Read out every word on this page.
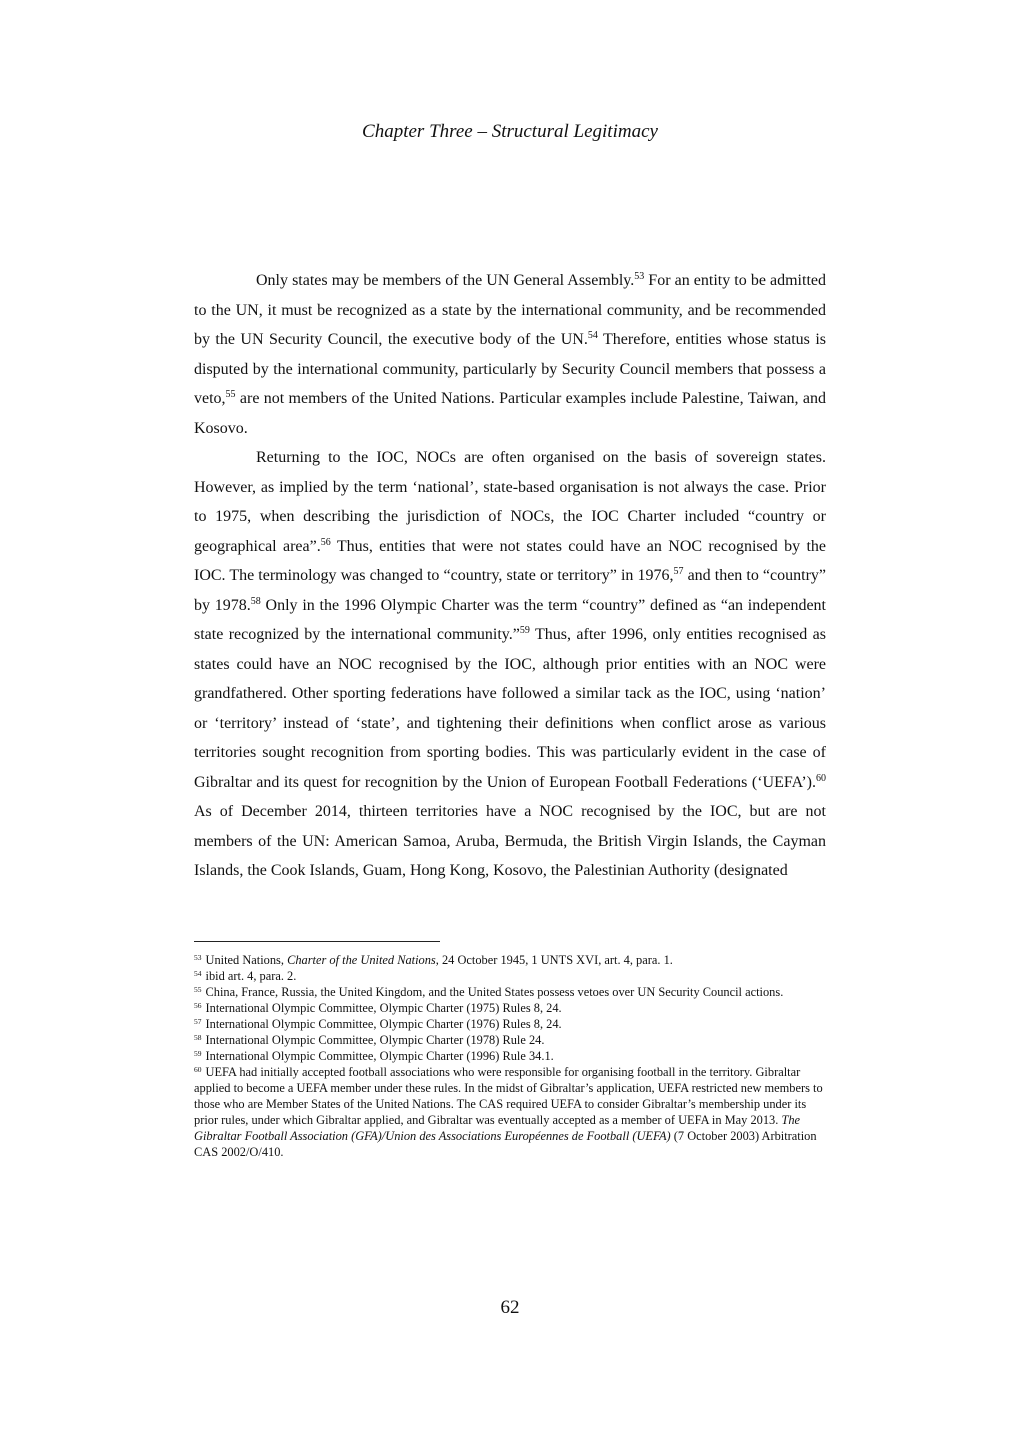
Chapter Three – Structural Legitimacy

Only states may be members of the UN General Assembly.$^{53}$ For an entity to be admitted to the UN, it must be recognized as a state by the international community, and be recommended by the UN Security Council, the executive body of the UN.$^{54}$ Therefore, entities whose status is disputed by the international community, particularly by Security Council members that possess a veto,$^{55}$ are not members of the United Nations. Particular examples include Palestine, Taiwan, and Kosovo.

Returning to the IOC, NOCs are often organised on the basis of sovereign states. However, as implied by the term ‘national’, state-based organisation is not always the case. Prior to 1975, when describing the jurisdiction of NOCs, the IOC Charter included “country or geographical area”.$^{56}$ Thus, entities that were not states could have an NOC recognised by the IOC. The terminology was changed to “country, state or territory” in 1976,57 and then to “country” by 1978.58 Only in the 1996 Olympic Charter was the term “country” defined as “an independent state recognized by the international community.”$^{59}$ Thus, after 1996, only entities recognised as states could have an NOC recognised by the IOC, although prior entities with an NOC were grandfathered. Other sporting federations have followed a similar tack as the IOC, using ‘nation’ or ‘territory’ instead of ‘state’, and tightening their definitions when conflict arose as various territories sought recognition from sporting bodies. This was particularly evident in the case of Gibraltar and its quest for recognition by the Union of European Football Federations (‘UEFA’).$^{60}$ As of December 2014, thirteen territories have a NOC recognised by the IOC, but are not members of the UN: American Samoa, Aruba, Bermuda, the British Virgin Islands, the Cayman Islands, the Cook Islands, Guam, Hong Kong, Kosovo, the Palestinian Authority (designated

$^{53}$ United Nations, Charter of the United Nations, 24 October 1945, 1 UNTS XVI, art. 4, para. 1.

$^{54}$ ibid art. 4, para. 2.

$^{55}$ China, France, Russia, the United Kingdom, and the United States possess vetoes over UN Security Council actions.

$^{56}$ International Olympic Committee, Olympic Charter (1975) Rules 8, 24.

$^{57}$ International Olympic Committee, Olympic Charter (1976) Rules 8, 24.

$^{58}$ International Olympic Committee, Olympic Charter (1978) Rule 24.

$^{59}$ International Olympic Committee, Olympic Charter (1996) Rule 34.1.

$^{60}$ UEFA had initially accepted football associations who were responsible for organising football in the territory. Gibraltar applied to become a UEFA member under these rules. In the midst of Gibraltar’s application, UEFA restricted new members to those who are Member States of the United Nations. The CAS required UEFA to consider Gibraltar’s membership under its prior rules, under which Gibraltar applied, and Gibraltar was eventually accepted as a member of UEFA in May 2013. The Gibraltar Football Association (GFA)/Union des Associations Européennes de Football (UEFA) (7 October 2003) Arbitration CAS 2002/O/410.

62
